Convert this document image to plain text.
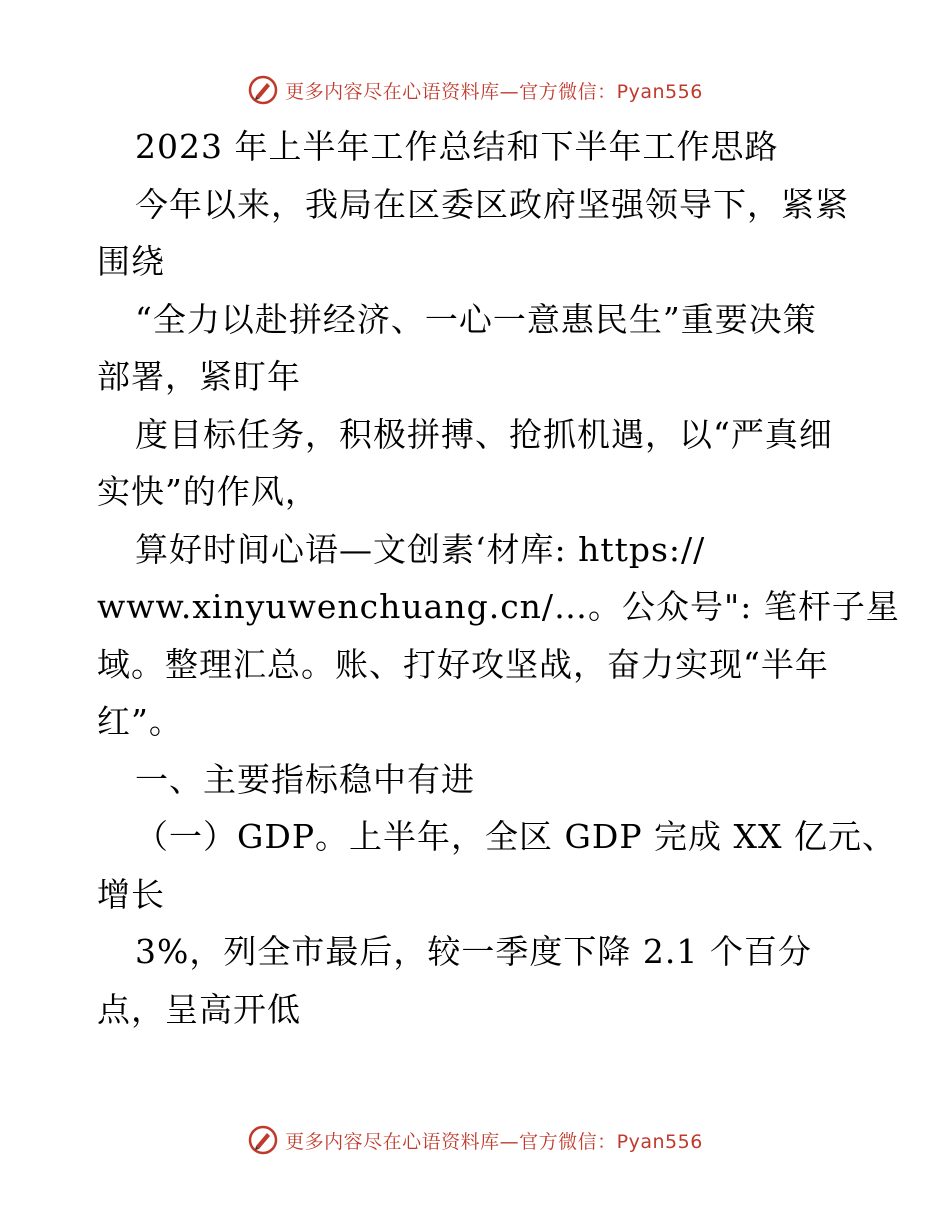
更多内容尽在心语资料库—官方微信：Pyan556
2023 年上半年工作总结和下半年工作思路
今年以来，我局在区委区政府坚强领导下，紧紧
围绕
“全力以赴拼经济、一心一意惠民生”重要决策
部署，紧盯年
度目标任务，积极拼搏、抢抓机遇，以“严真细
实快”的作风，
算好时间心语—文创素‘材库: https://
www.xinyuwenchuang.cn/…。公众号": 笔杆子星
域。整理汇总。账、打好攻坚战，奋力实现“半年
红”。
一、主要指标稳中有进
（一）GDP。上半年，全区 GDP 完成 XX 亿元、
增长
3%，列全市最后，较一季度下降 2.1 个百分
点，呈高开低
更多内容尽在心语资料库—官方微信：Pyan556
